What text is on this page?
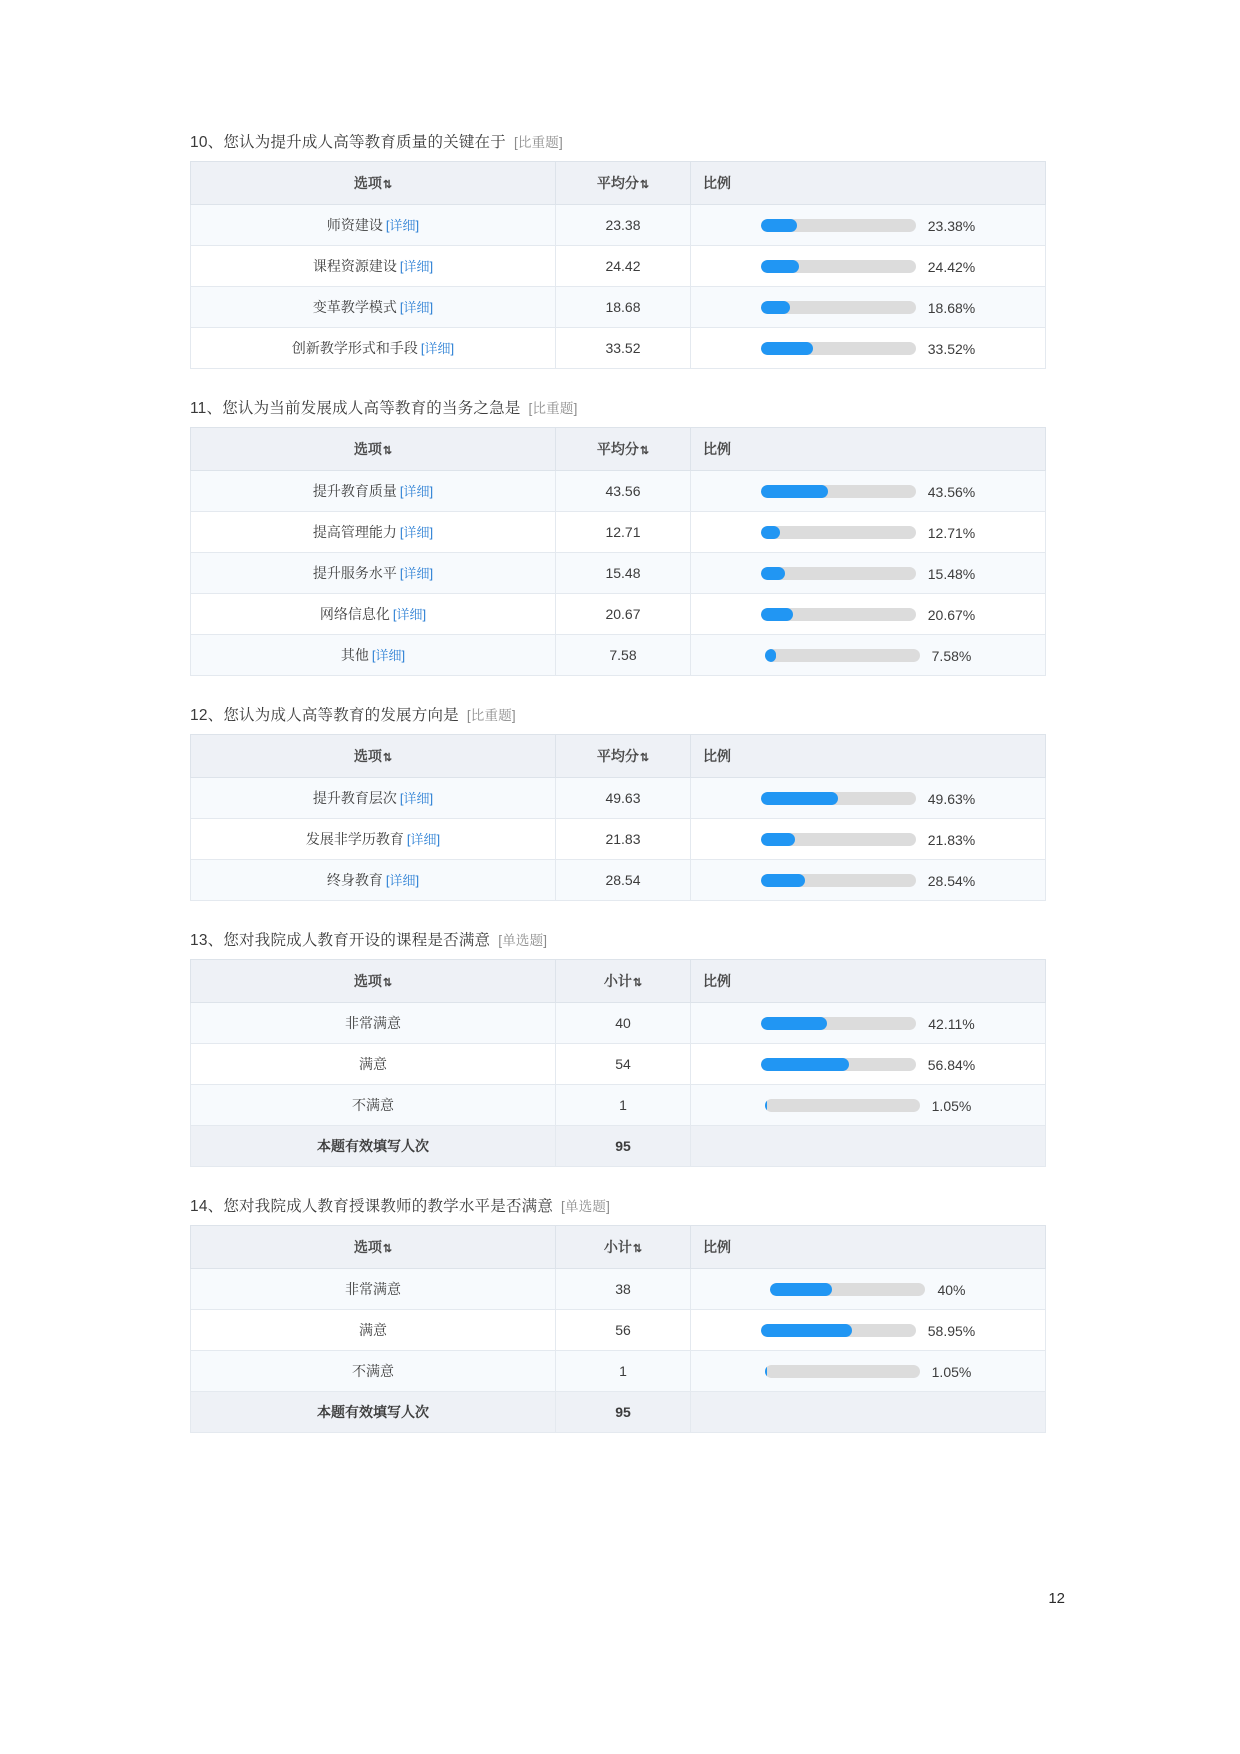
10、您认为提升成人高等教育质量的关键在于 [比重题]
选项⇅	平均分⇅	比例
师资建设 [详细]	23.38	23.38%
课程资源建设 [详细]	24.42	24.42%
变革教学模式 [详细]	18.68	18.68%
创新教学形式和手段 [详细]	33.52	33.52%
11、您认为当前发展成人高等教育的当务之急是 [比重题]
选项⇅	平均分⇅	比例
提升教育质量 [详细]	43.56	43.56%
提高管理能力 [详细]	12.71	12.71%
提升服务水平 [详细]	15.48	15.48%
网络信息化 [详细]	20.67	20.67%
其他 [详细]	7.58	7.58%
12、您认为成人高等教育的发展方向是 [比重题]
选项⇅	平均分⇅	比例
提升教育层次 [详细]	49.63	49.63%
发展非学历教育 [详细]	21.83	21.83%
终身教育 [详细]	28.54	28.54%
13、您对我院成人教育开设的课程是否满意 [单选题]
选项⇅	小计⇅	比例
非常满意	40	42.11%
满意	54	56.84%
不满意	1	1.05%
本题有效填写人次	95	
14、您对我院成人教育授课教师的教学水平是否满意 [单选题]
选项⇅	小计⇅	比例
非常满意	38	40%
满意	56	58.95%
不满意	1	1.05%
本题有效填写人次	95	
12
